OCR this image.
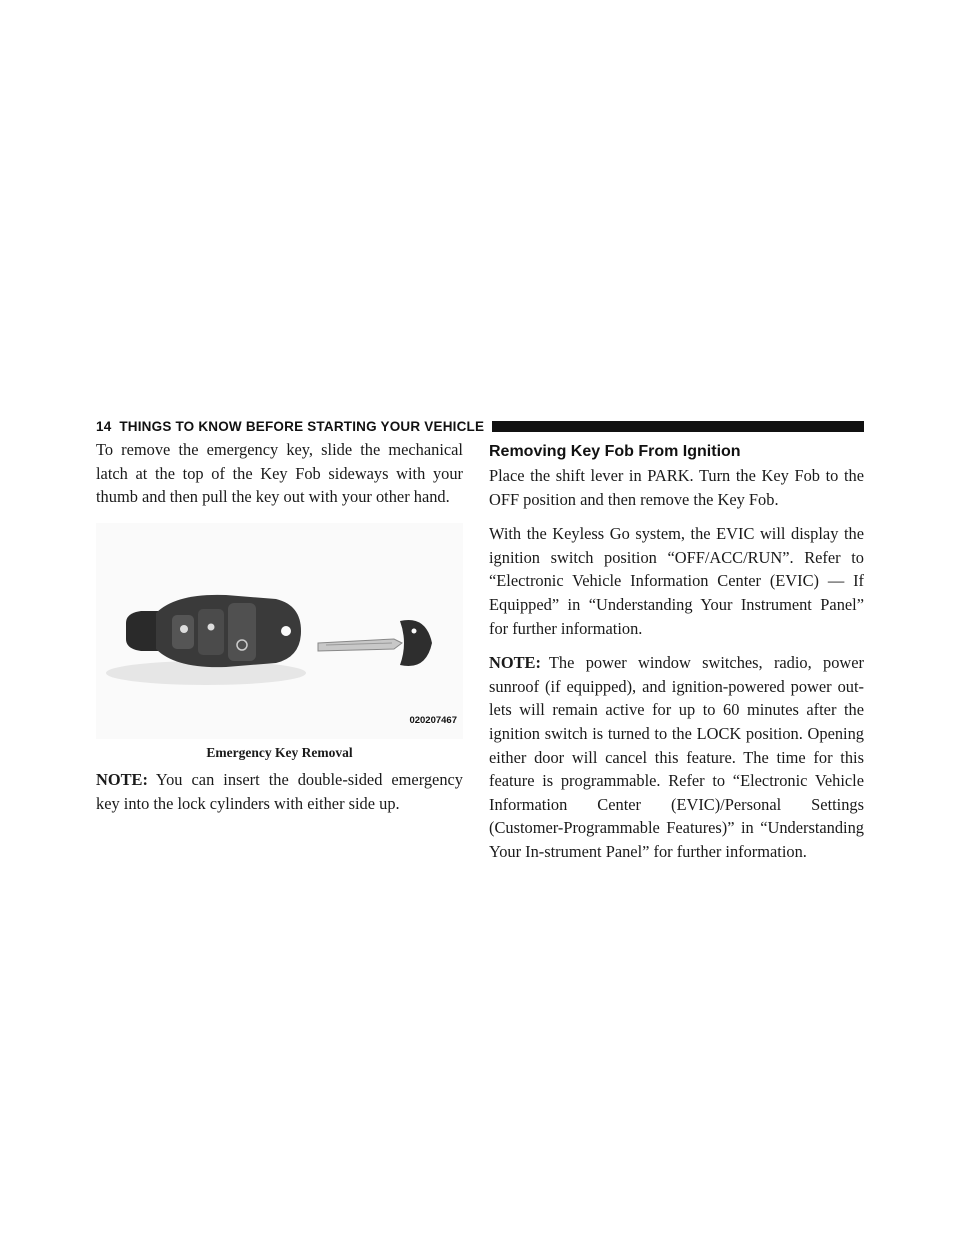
14 THINGS TO KNOW BEFORE STARTING YOUR VEHICLE

To remove the emergency key, slide the mechanical latch at the top of the Key Fob sideways with your thumb and then pull the key out with your other hand.

020207467
Emergency Key Removal

NOTE: You can insert the double-sided emergency key into the lock cylinders with either side up.

Removing Key Fob From Ignition

Place the shift lever in PARK. Turn the Key Fob to the OFF position and then remove the Key Fob.

With the Keyless Go system, the EVIC will display the ignition switch position “OFF/ACC/RUN”. Refer to “Electronic Vehicle Information Center (EVIC) — If Equipped” in “Understanding Your Instrument Panel” for further information.

NOTE: The power window switches, radio, power sunroof (if equipped), and ignition-powered power out-lets will remain active for up to 60 minutes after the ignition switch is turned to the LOCK position. Opening either door will cancel this feature. The time for this feature is programmable. Refer to “Electronic Vehicle Information Center (EVIC)/Personal Settings (Customer-Programmable Features)” in “Understanding Your In-strument Panel” for further information.
